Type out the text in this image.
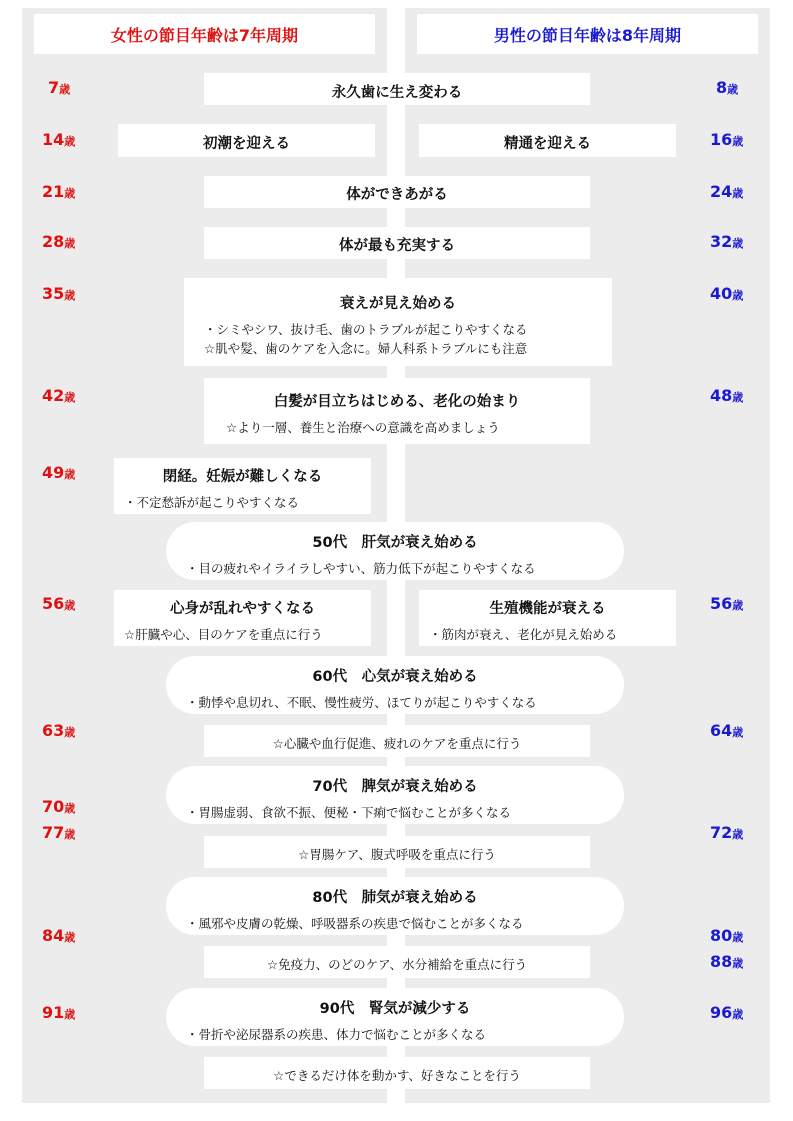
女性の節目年齢は7年周期	男性の節目年齢は8年周期
7歳
14歳
21歳
28歳
35歳
42歳
49歳
56歳
63歳
70歳
77歳
84歳
91歳
8歳
16歳
24歳
32歳
40歳
48歳
56歳
64歳
72歳
80歳
88歳
96歳
永久歯に生え変わる
初潮を迎える	精通を迎える
体ができあがる
体が最も充実する
衰えが見え始める
・シミやシワ、抜け毛、歯のトラブルが起こりやすくなる
☆肌や髪、歯のケアを入念に。婦人科系トラブルにも注意
白髪が目立ちはじめる、老化の始まり
☆より一層、養生と治療への意識を高めましょう
閉経。妊娠が難しくなる
・不定愁訴が起こりやすくなる
50代　肝気が衰え始める
・目の疲れやイライラしやすい、筋力低下が起こりやすくなる
心身が乱れやすくなる
☆肝臓や心、目のケアを重点に行う
生殖機能が衰える
・筋肉が衰え、老化が見え始める
60代　心気が衰え始める
・動悸や息切れ、不眠、慢性疲労、ほてりが起こりやすくなる
☆心臓や血行促進、疲れのケアを重点に行う
70代　脾気が衰え始める
・胃腸虚弱、食欲不振、便秘・下痢で悩むことが多くなる
☆胃腸ケア、腹式呼吸を重点に行う
80代　肺気が衰え始める
・風邪や皮膚の乾燥、呼吸器系の疾患で悩むことが多くなる
☆免疫力、のどのケア、水分補給を重点に行う
90代　腎気が減少する
・骨折や泌尿器系の疾患、体力で悩むことが多くなる
☆できるだけ体を動かす、好きなことを行う
